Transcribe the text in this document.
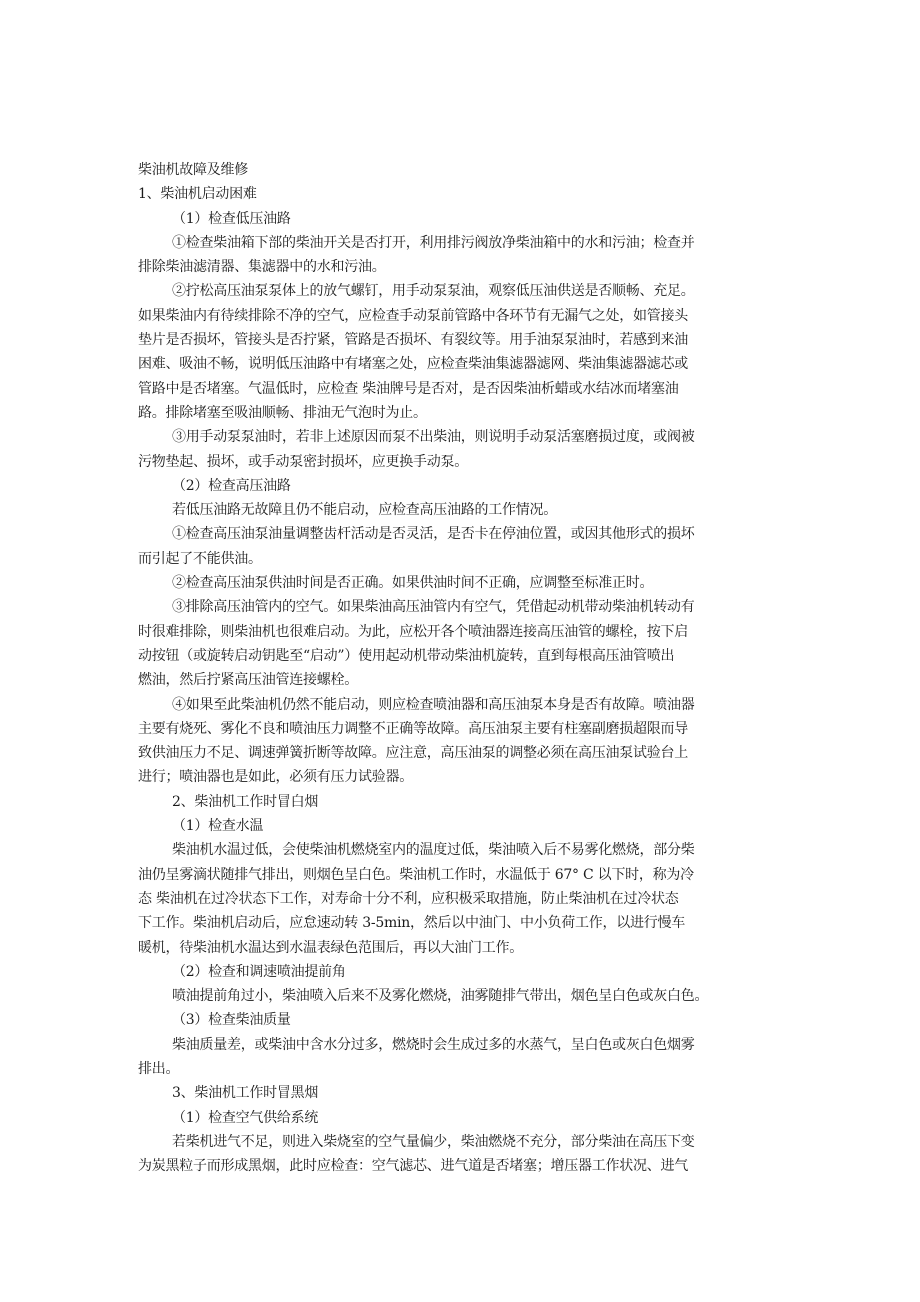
柴油机故障及维修
1、柴油机启动困难
（1）检查低压油路
①检查柴油箱下部的柴油开关是否打开，利用排污阀放净柴油箱中的水和污油；检查并
排除柴油滤清器、集滤器中的水和污油。
②拧松高压油泵泵体上的放气螺钉，用手动泵泵油，观察低压油供送是否顺畅、充足。
如果柴油内有待续排除不净的空气，应检查手动泵前管路中各环节有无漏气之处，如管接头
垫片是否损坏，管接头是否拧紧，管路是否损坏、有裂纹等。用手油泵泵油时，若感到来油
困难、吸油不畅，说明低压油路中有堵塞之处，应检查柴油集滤器滤网、柴油集滤器滤芯或
管路中是否堵塞。气温低时，应检查 柴油牌号是否对，是否因柴油析蜡或水结冰而堵塞油
路。排除堵塞至吸油顺畅、排油无气泡时为止。
③用手动泵泵油时，若非上述原因而泵不出柴油，则说明手动泵活塞磨损过度，或阀被
污物垫起、损坏，或手动泵密封损坏，应更换手动泵。
（2）检查高压油路
若低压油路无故障且仍不能启动，应检查高压油路的工作情况。
①检查高压油泵油量调整齿杆活动是否灵活，是否卡在停油位置，或因其他形式的损坏
而引起了不能供油。
②检查高压油泵供油时间是否正确。如果供油时间不正确，应调整至标准正时。
③排除高压油管内的空气。如果柴油高压油管内有空气，凭借起动机带动柴油机转动有
时很难排除，则柴油机也很难启动。为此，应松开各个喷油器连接高压油管的螺栓，按下启
动按钮（或旋转启动钥匙至“启动”）使用起动机带动柴油机旋转，直到每根高压油管喷出
燃油，然后拧紧高压油管连接螺栓。
④如果至此柴油机仍然不能启动，则应检查喷油器和高压油泵本身是否有故障。喷油器
主要有烧死、雾化不良和喷油压力调整不正确等故障。高压油泵主要有柱塞副磨损超限而导
致供油压力不足、调速弹簧折断等故障。应注意，高压油泵的调整必须在高压油泵试验台上
进行；喷油器也是如此，必须有压力试验器。
2、柴油机工作时冒白烟
（1）检查水温
柴油机水温过低，会使柴油机燃烧室内的温度过低，柴油喷入后不易雾化燃烧，部分柴
油仍呈雾滴状随排气排出，则烟色呈白色。柴油机工作时，水温低于 67° C 以下时，称为冷
态 柴油机在过冷状态下工作，对寿命十分不利，应积极采取措施，防止柴油机在过冷状态
下工作。柴油机启动后，应怠速动转 3-5min，然后以中油门、中小负荷工作，以进行慢车
暖机，待柴油机水温达到水温表绿色范围后，再以大油门工作。
（2）检查和调速喷油提前角
喷油提前角过小，柴油喷入后来不及雾化燃烧，油雾随排气带出，烟色呈白色或灰白色。
（3）检查柴油质量
柴油质量差，或柴油中含水分过多，燃烧时会生成过多的水蒸气，呈白色或灰白色烟雾
排出。
3、柴油机工作时冒黑烟
（1）检查空气供给系统
若柴机进气不足，则进入柴烧室的空气量偏少，柴油燃烧不充分，部分柴油在高压下变
为炭黑粒子而形成黑烟，此时应检查：空气滤芯、进气道是否堵塞；增压器工作状况、进气
